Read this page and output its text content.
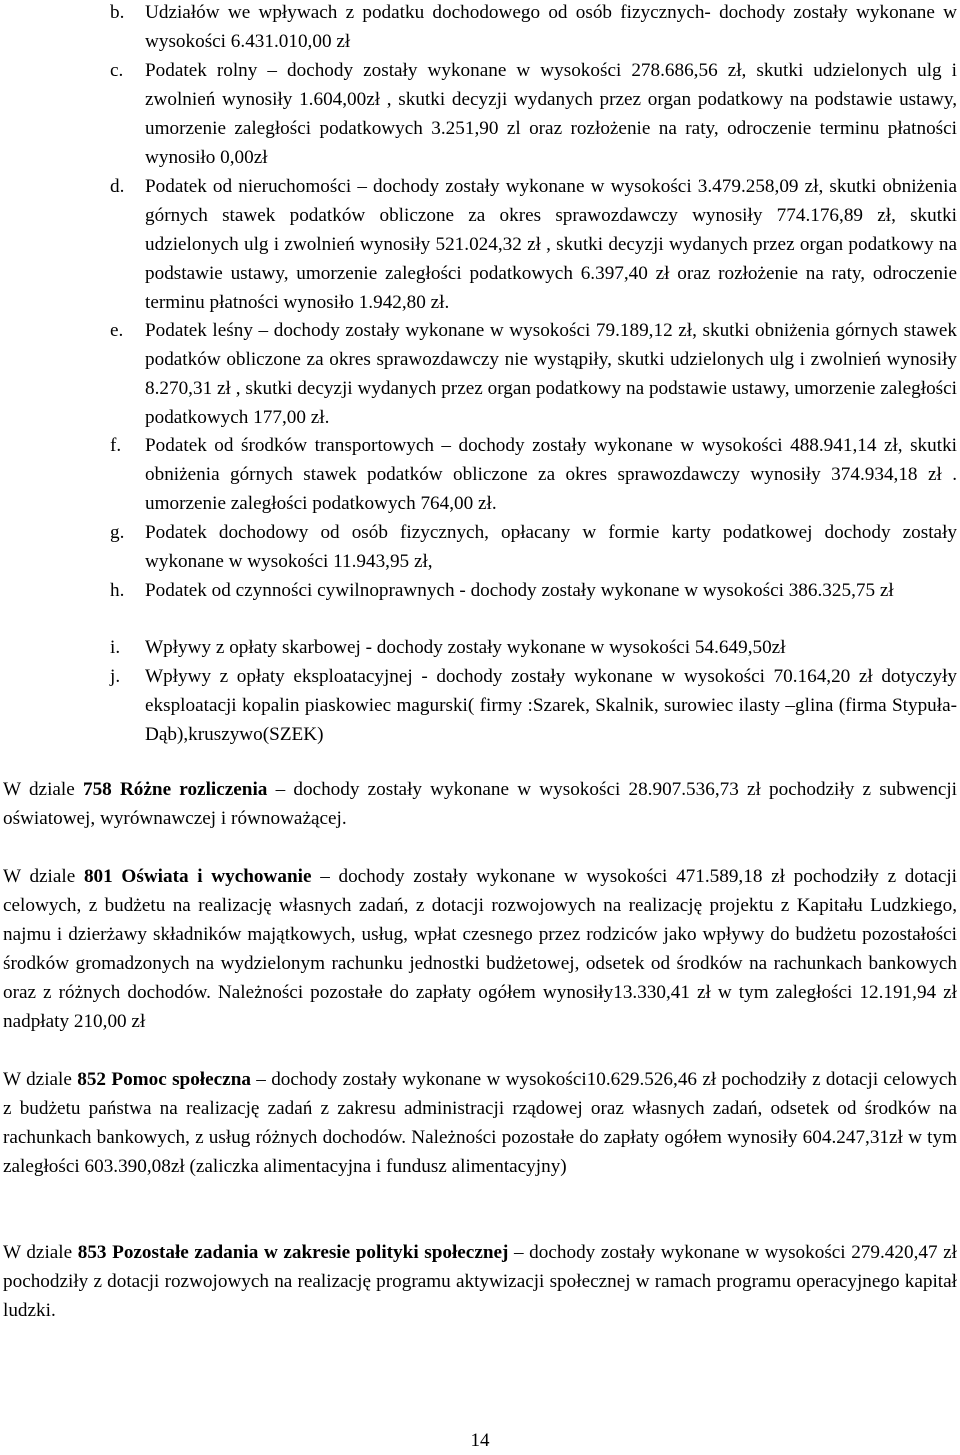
b. Udziałów we wpływach z podatku dochodowego od osób fizycznych- dochody zostały wykonane w wysokości 6.431.010,00 zł
c. Podatek rolny – dochody zostały wykonane w wysokości 278.686,56 zł, skutki udzielonych ulg i zwolnień wynosiły 1.604,00zł , skutki decyzji wydanych przez organ podatkowy na podstawie ustawy, umorzenie zaległości podatkowych 3.251,90 zl oraz rozłożenie na raty, odroczenie terminu płatności wynosiło 0,00zł
d. Podatek od nieruchomości – dochody zostały wykonane w wysokości 3.479.258,09 zł, skutki obniżenia górnych stawek podatków obliczone za okres sprawozdawczy wynosiły 774.176,89 zł, skutki udzielonych ulg i zwolnień wynosiły 521.024,32 zł , skutki decyzji wydanych przez organ podatkowy na podstawie ustawy, umorzenie zaległości podatkowych 6.397,40 zł oraz rozłożenie na raty, odroczenie terminu płatności wynosiło 1.942,80 zł.
e. Podatek leśny – dochody zostały wykonane w wysokości 79.189,12 zł, skutki obniżenia górnych stawek podatków obliczone za okres sprawozdawczy nie wystąpiły, skutki udzielonych ulg i zwolnień wynosiły 8.270,31 zł , skutki decyzji wydanych przez organ podatkowy na podstawie ustawy, umorzenie zaległości podatkowych 177,00 zł.
f. Podatek od środków transportowych – dochody zostały wykonane w wysokości 488.941,14 zł, skutki obniżenia górnych stawek podatków obliczone za okres sprawozdawczy wynosiły 374.934,18 zł . umorzenie zaległości podatkowych 764,00 zł.
g. Podatek dochodowy od osób fizycznych, opłacany w formie karty podatkowej dochody zostały wykonane w wysokości 11.943,95 zł,
h. Podatek od czynności cywilnoprawnych - dochody zostały wykonane w wysokości 386.325,75 zł
i. Wpływy z opłaty skarbowej - dochody zostały wykonane w wysokości 54.649,50zł
j. Wpływy z opłaty eksploatacyjnej - dochody zostały wykonane w wysokości 70.164,20 zł dotyczyły eksploatacji kopalin piaskowiec magurski( firmy :Szarek, Skalnik, surowiec ilasty –glina (firma Stypuła-Dąb),kruszywo(SZEK)
W dziale 758 Różne rozliczenia – dochody zostały wykonane w wysokości 28.907.536,73 zł pochodziły z subwencji oświatowej, wyrównawczej i równoważącej.
W dziale 801 Oświata i wychowanie – dochody zostały wykonane w wysokości 471.589,18 zł pochodziły z dotacji celowych, z budżetu na realizację własnych zadań, z dotacji rozwojowych na realizację projektu z Kapitału Ludzkiego, najmu i dzierżawy składników majątkowych, usług, wpłat czesnego przez rodziców jako wpływy do budżetu pozostałości środków gromadzonych na wydzielonym rachunku jednostki budżetowej, odsetek od środków na rachunkach bankowych oraz z różnych dochodów. Należności pozostałe do zapłaty ogółem wynosiły13.330,41 zł w tym zaległości 12.191,94 zł nadpłaty 210,00 zł
W dziale 852 Pomoc społeczna – dochody zostały wykonane w wysokości10.629.526,46 zł pochodziły z dotacji celowych z budżetu państwa na realizację zadań z zakresu administracji rządowej oraz własnych zadań, odsetek od środków na rachunkach bankowych, z usług różnych dochodów. Należności pozostałe do zapłaty ogółem wynosiły 604.247,31zł w tym zaległości 603.390,08zł (zaliczka alimentacyjna i fundusz alimentacyjny)
W dziale 853 Pozostałe zadania w zakresie polityki społecznej – dochody zostały wykonane w wysokości 279.420,47 zł pochodziły z dotacji rozwojowych na realizację programu aktywizacji społecznej w ramach programu operacyjnego kapitał ludzki.
14
